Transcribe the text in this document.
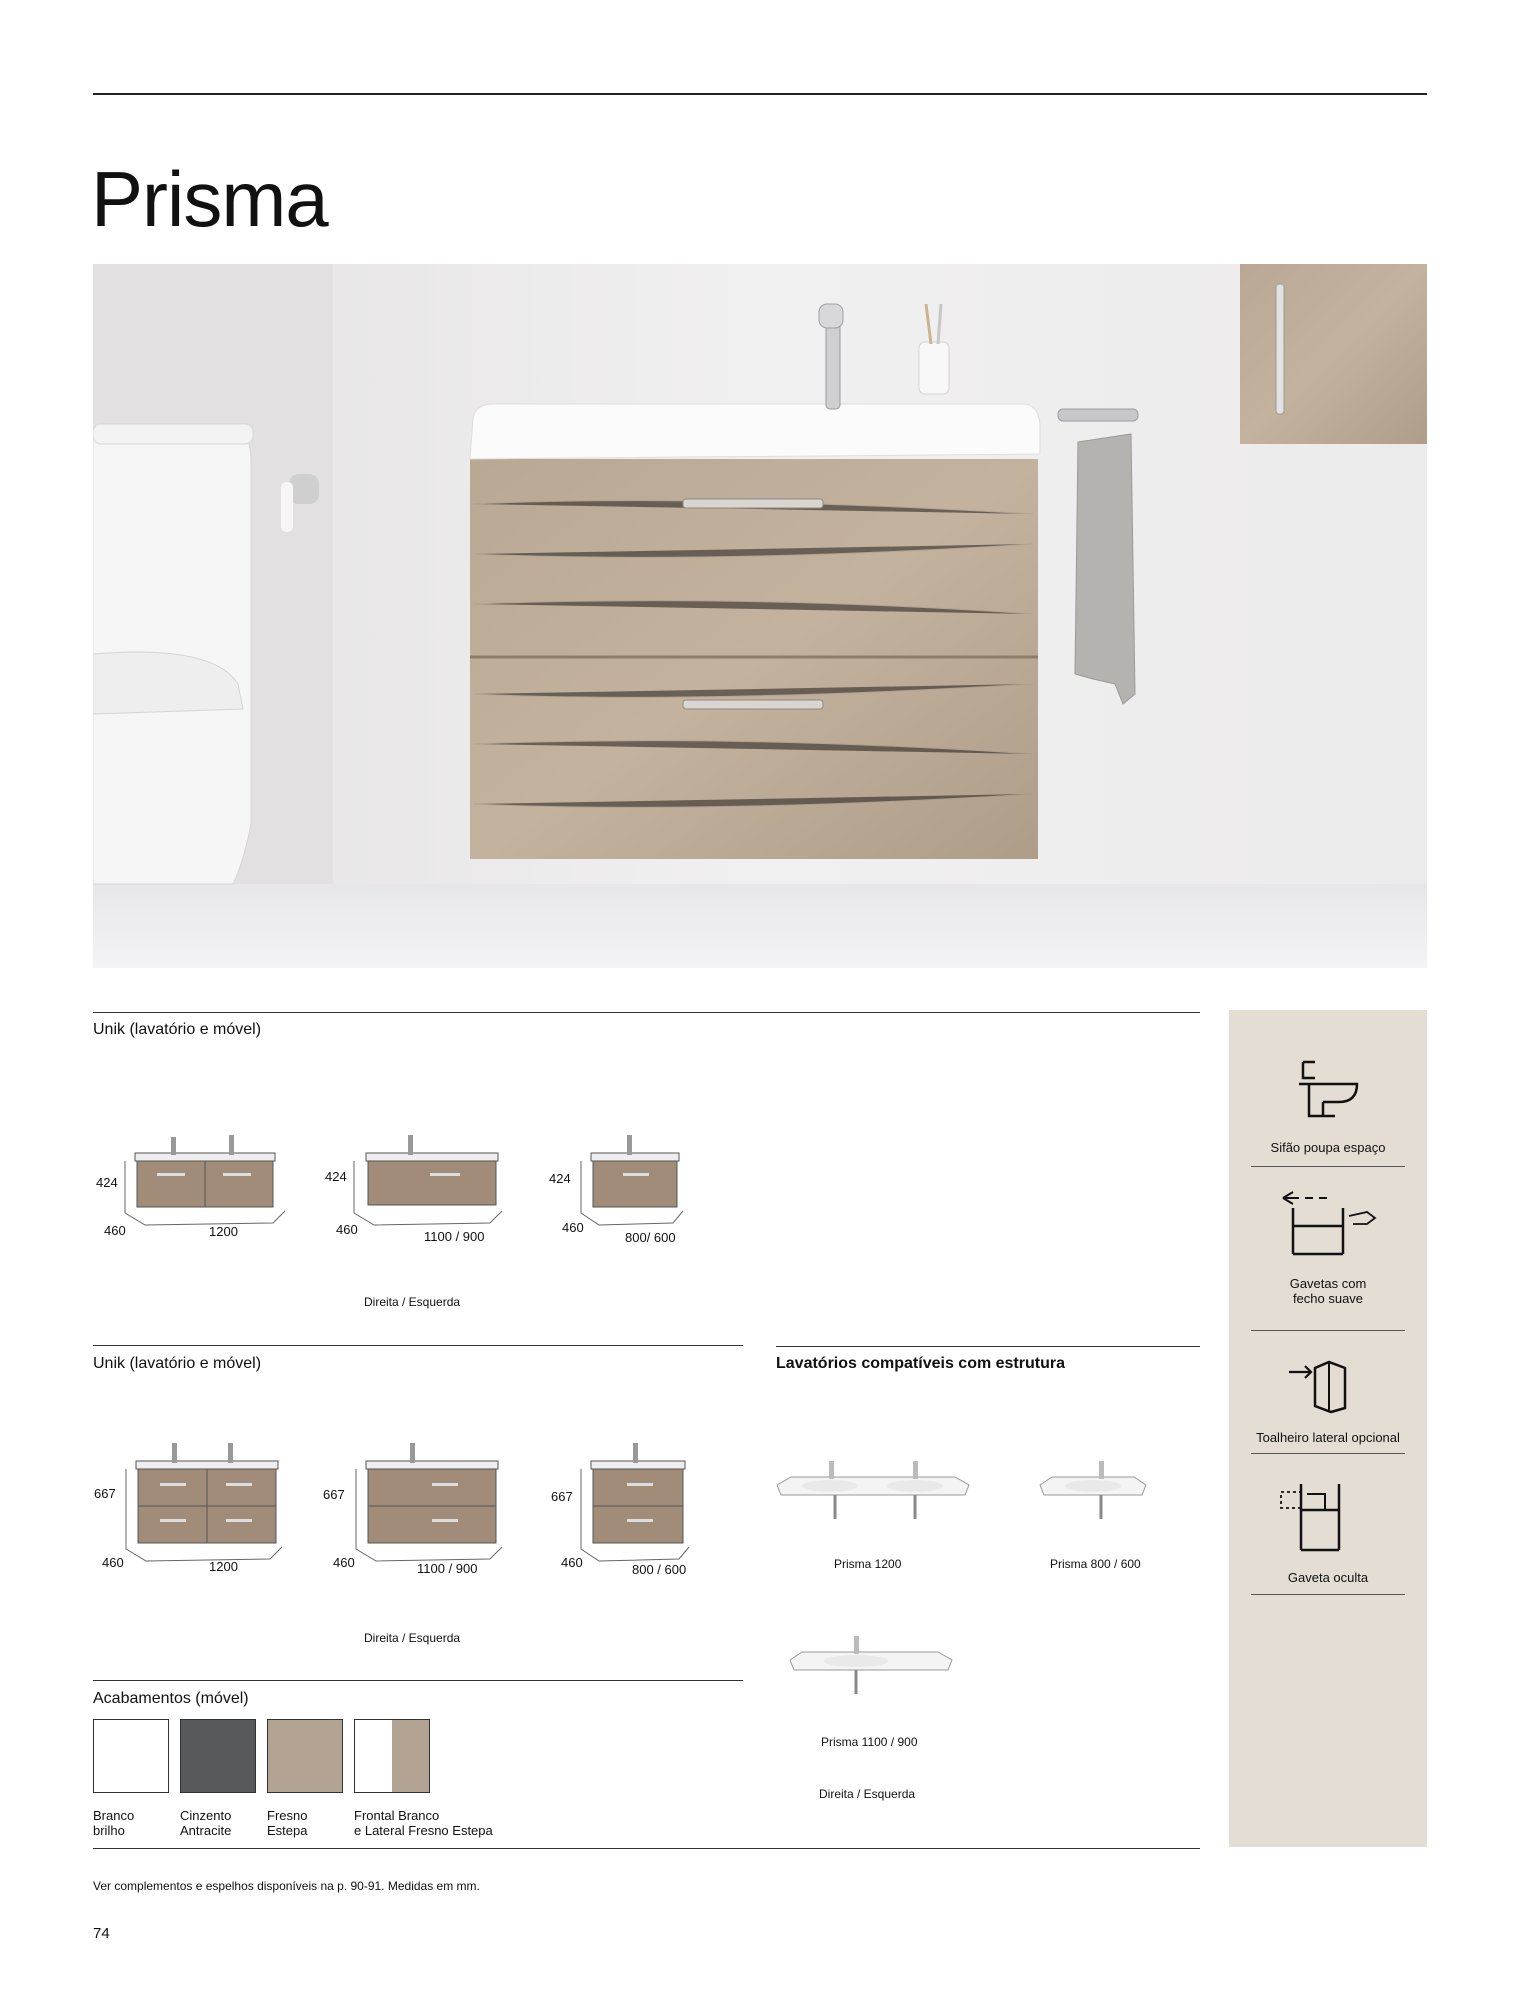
Prisma
Unik (lavatório e móvel)
424
460	1200
424
460	1100 / 900
424
460
800/ 600
Direita / Esquerda
Unik (lavatório e móvel)
667
460	1200
667
460	1100 / 900
667
460	800 / 600
Direita / Esquerda
Lavatórios compatíveis com estrutura
Prisma 1200	Prisma 800 / 600
Prisma 1100 / 900
Direita / Esquerda
Acabamentos (móvel)
Branco
brilho
Cinzento
Antracite
Fresno
Estepa
Frontal Branco
e Lateral Fresno Estepa
Ver complementos e espelhos disponíveis na p. 90-91. Medidas em mm.
74
Sifão poupa espaço
Gavetas com fecho suave
Toalheiro lateral opcional
Gaveta oculta
